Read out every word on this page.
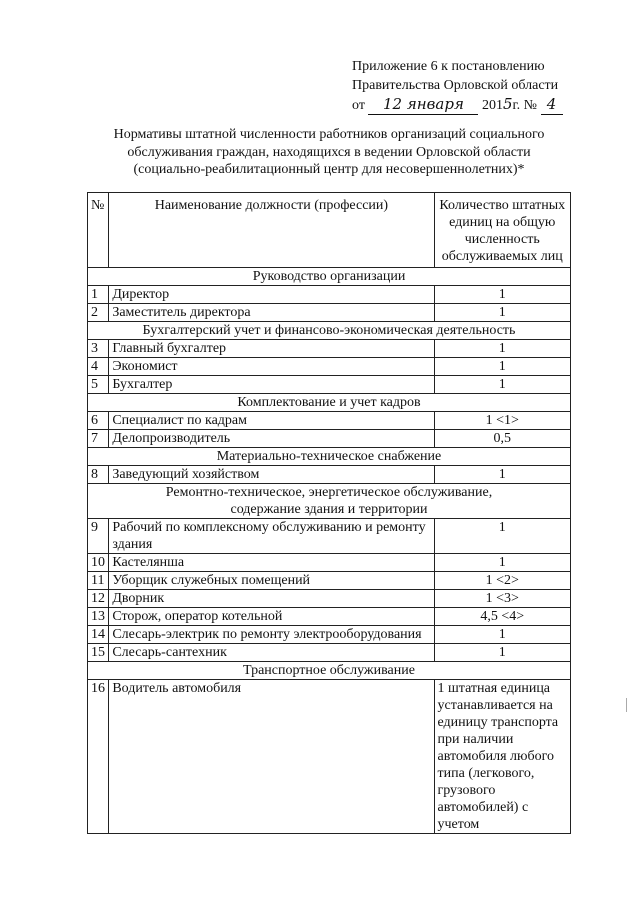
Приложение 6 к постановлению
Правительства Орловской области
от 12 января 2015г. № 4
Нормативы штатной численности работников организаций социального
обслуживания граждан, находящихся в ведении Орловской области
(социально-реабилитационный центр для несовершеннолетних)*
№	Наименование должности (профессии)	Количество штатных единиц на общую численность обслуживаемых лиц
Руководство организации		
1	Директор	1
2	Заместитель директора	1
Бухгалтерский учет и финансово-экономическая деятельность		
3	Главный бухгалтер	1
4	Экономист	1
5	Бухгалтер	1
Комплектование и учет кадров		
6	Специалист по кадрам	1 <1>
7	Делопроизводитель	0,5
Материально-техническое снабжение		
8	Заведующий хозяйством	1

Ремонтно-техническое, энергетическое обслуживание,
содержание здания и территории		

9	Рабочий по комплексному обслуживанию и ремонту здания	1
10	Кастелянша	1
11	Уборщик служебных помещений	1 <2>
12	Дворник	1 <3>
13	Сторож, оператор котельной	4,5 <4>
14	Слесарь-электрик по ремонту электрооборудования	1
15	Слесарь-сантехник	1
Транспортное обслуживание		
16	Водитель автомобиля	1 штатная единица устанавливается на единицу транспорта при наличии автомобиля любого типа (легкового, грузового автомобилей) с учетом
